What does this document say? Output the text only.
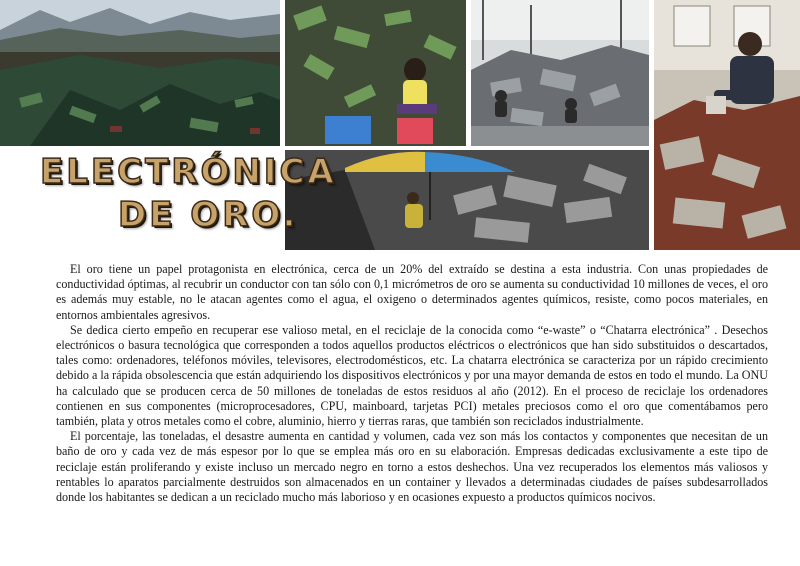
ELECTRÓNICA
DE ORO.

El oro tiene un papel protagonista en electrónica, cerca de un 20% del extraído se destina a esta industria. Con unas propiedades de conductividad óptimas, al recubrir un conductor con tan sólo con 0,1 micrómetros de oro se aumenta su conductividad 10 millones de veces, el oro es además muy estable, no le atacan agentes como el agua, el oxigeno o determinados agentes químicos, resiste, como pocos materiales, en entornos ambientales agresivos.

Se dedica cierto empeño en recuperar ese valioso metal, en el reciclaje de la conocida como “e-waste” o “Chatarra electrónica” . Desechos electrónicos o basura tecnológica que corresponden a todos aquellos productos eléctricos o electrónicos que han sido substituidos o descartados, tales como: ordenadores, teléfonos móviles, televisores, electrodomésticos, etc. La chatarra electrónica se caracteriza por un rápido crecimiento debido a la rápida obsolescencia que están adquiriendo los dispositivos electrónicos y por una mayor demanda de estos en todo el mundo. La ONU ha calculado que se producen cerca de 50 millones de toneladas de estos residuos al año (2012). En el proceso de reciclaje los ordenadores contienen en sus componentes (microprocesadores, CPU, mainboard, tarjetas PCI) metales preciosos como el oro que comentábamos pero también, plata y otros metales como el cobre, aluminio, hierro y tierras raras, que también son reciclados industrialmente.

El porcentaje, las toneladas, el desastre aumenta en cantidad y volumen, cada vez son más los contactos y componentes que necesitan de un baño de oro y cada vez de más espesor por lo que se emplea más oro en su elaboración. Empresas dedicadas exclusivamente a este tipo de reciclaje están proliferando y existe incluso un mercado negro en torno a estos deshechos. Una vez recuperados los elementos más valiosos y rentables lo aparatos parcialmente destruidos son almacenados en un container y llevados a determinadas ciudades de países subdesarrollados donde los habitantes se dedican a un reciclado mucho más laborioso y en ocasiones expuesto a productos químicos nocivos.
